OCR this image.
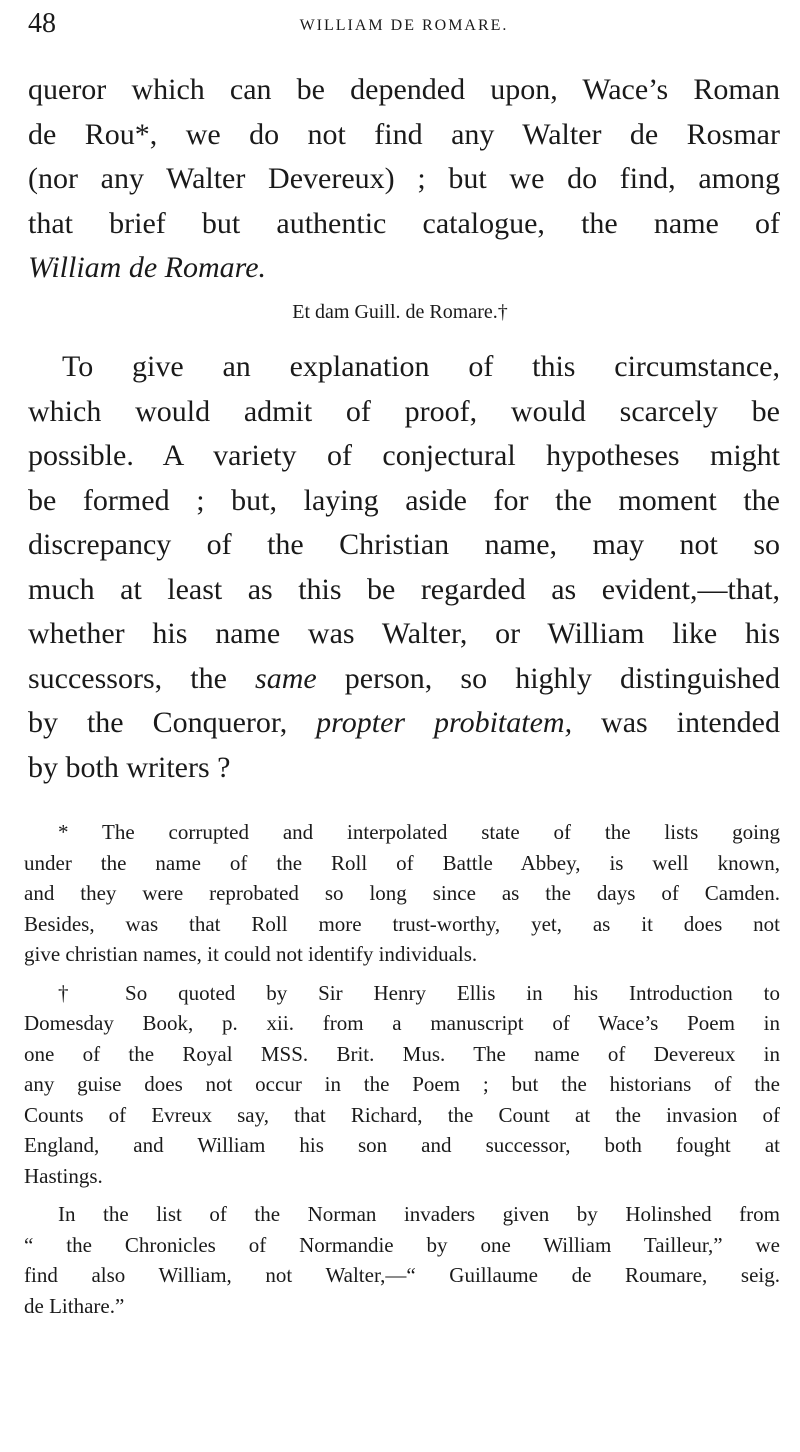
48	WILLIAM DE ROMARE.
queror which can be depended upon, Wace’s Roman
de Rou*, we do not find any Walter de Rosmar
(nor any Walter Devereux) ; but we do find, among
that brief but authentic catalogue, the name of
William de Romare.
Et dam Guill. de Romare.†
To give an explanation of this circumstance,
which would admit of proof, would scarcely be
possible. A variety of conjectural hypotheses might
be formed ; but, laying aside for the moment the
discrepancy of the Christian name, may not so
much at least as this be regarded as evident,—that,
whether his name was Walter, or William like his
successors, the same person, so highly distinguished
by the Conqueror, propter probitatem, was intended
by both writers ?
* The corrupted and interpolated state of the lists going
under the name of the Roll of Battle Abbey, is well known,
and they were reprobated so long since as the days of Camden.
Besides, was that Roll more trust-worthy, yet, as it does not
give christian names, it could not identify individuals.
† So quoted by Sir Henry Ellis in his Introduction to
Domesday Book, p. xii. from a manuscript of Wace’s Poem in
one of the Royal MSS. Brit. Mus. The name of Devereux in
any guise does not occur in the Poem ; but the historians of the
Counts of Evreux say, that Richard, the Count at the invasion of
England, and William his son and successor, both fought at
Hastings.
In the list of the Norman invaders given by Holinshed from
“ the Chronicles of Normandie by one William Tailleur,” we
find also William, not Walter,—“ Guillaume de Roumare, seig.
de Lithare.”
